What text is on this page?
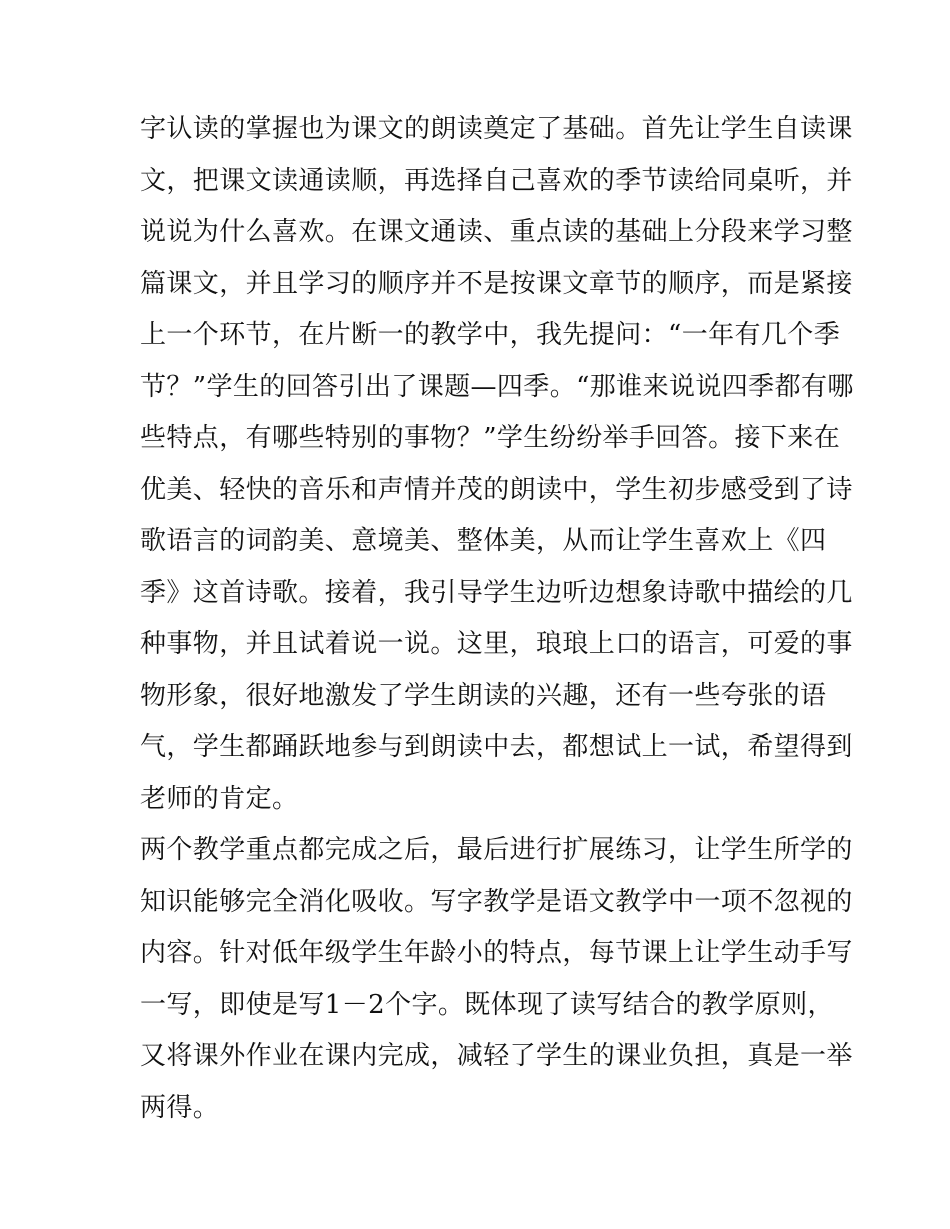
字认读的掌握也为课文的朗读奠定了基础。首先让学生自读课
文，把课文读通读顺，再选择自己喜欢的季节读给同桌听，并
说说为什么喜欢。在课文通读、重点读的基础上分段来学习整
篇课文，并且学习的顺序并不是按课文章节的顺序，而是紧接
上一个环节，在片断一的教学中，我先提问：“一年有几个季
节？”学生的回答引出了课题—四季。“那谁来说说四季都有哪
些特点，有哪些特别的事物？”学生纷纷举手回答。接下来在
优美、轻快的音乐和声情并茂的朗读中，学生初步感受到了诗
歌语言的词韵美、意境美、整体美，从而让学生喜欢上《四
季》这首诗歌。接着，我引导学生边听边想象诗歌中描绘的几
种事物，并且试着说一说。这里，琅琅上口的语言，可爱的事
物形象，很好地激发了学生朗读的兴趣，还有一些夸张的语
气，学生都踊跃地参与到朗读中去，都想试上一试，希望得到
老师的肯定。
两个教学重点都完成之后，最后进行扩展练习，让学生所学的
知识能够完全消化吸收。写字教学是语文教学中一项不忽视的
内容。针对低年级学生年龄小的特点，每节课上让学生动手写
一写，即使是写1－2个字。既体现了读写结合的教学原则，
又将课外作业在课内完成，减轻了学生的课业负担，真是一举
两得。
